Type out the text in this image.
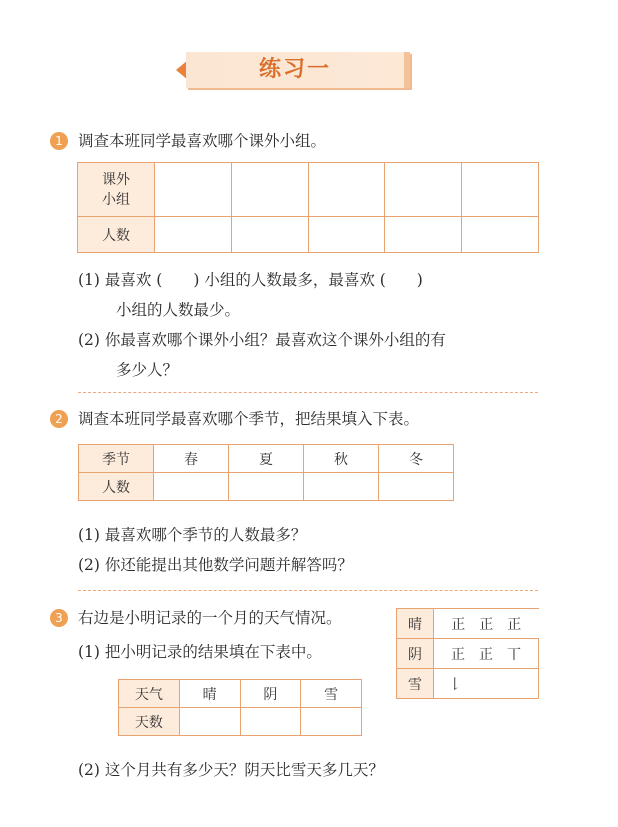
练习一
1 调查本班同学最喜欢哪个课外小组。
课外
小组					
人数					
(1) 最喜欢 (　　) 小组的人数最多，最喜欢 (　　)
小组的人数最少。
(2) 你最喜欢哪个课外小组？最喜欢这个课外小组的有
多少人？
2 调查本班同学最喜欢哪个季节，把结果填入下表。
季节	春	夏	秋	冬
人数				
(1) 最喜欢哪个季节的人数最多？
(2) 你还能提出其他数学问题并解答吗？
3 右边是小明记录的一个月的天气情况。
(1) 把小明记录的结果填在下表中。
晴	正　 正　 正
阴	正　 正　 丅
雪	𠄌
天气	晴	阴	雪
天数			
(2) 这个月共有多少天？阴天比雪天多几天？
